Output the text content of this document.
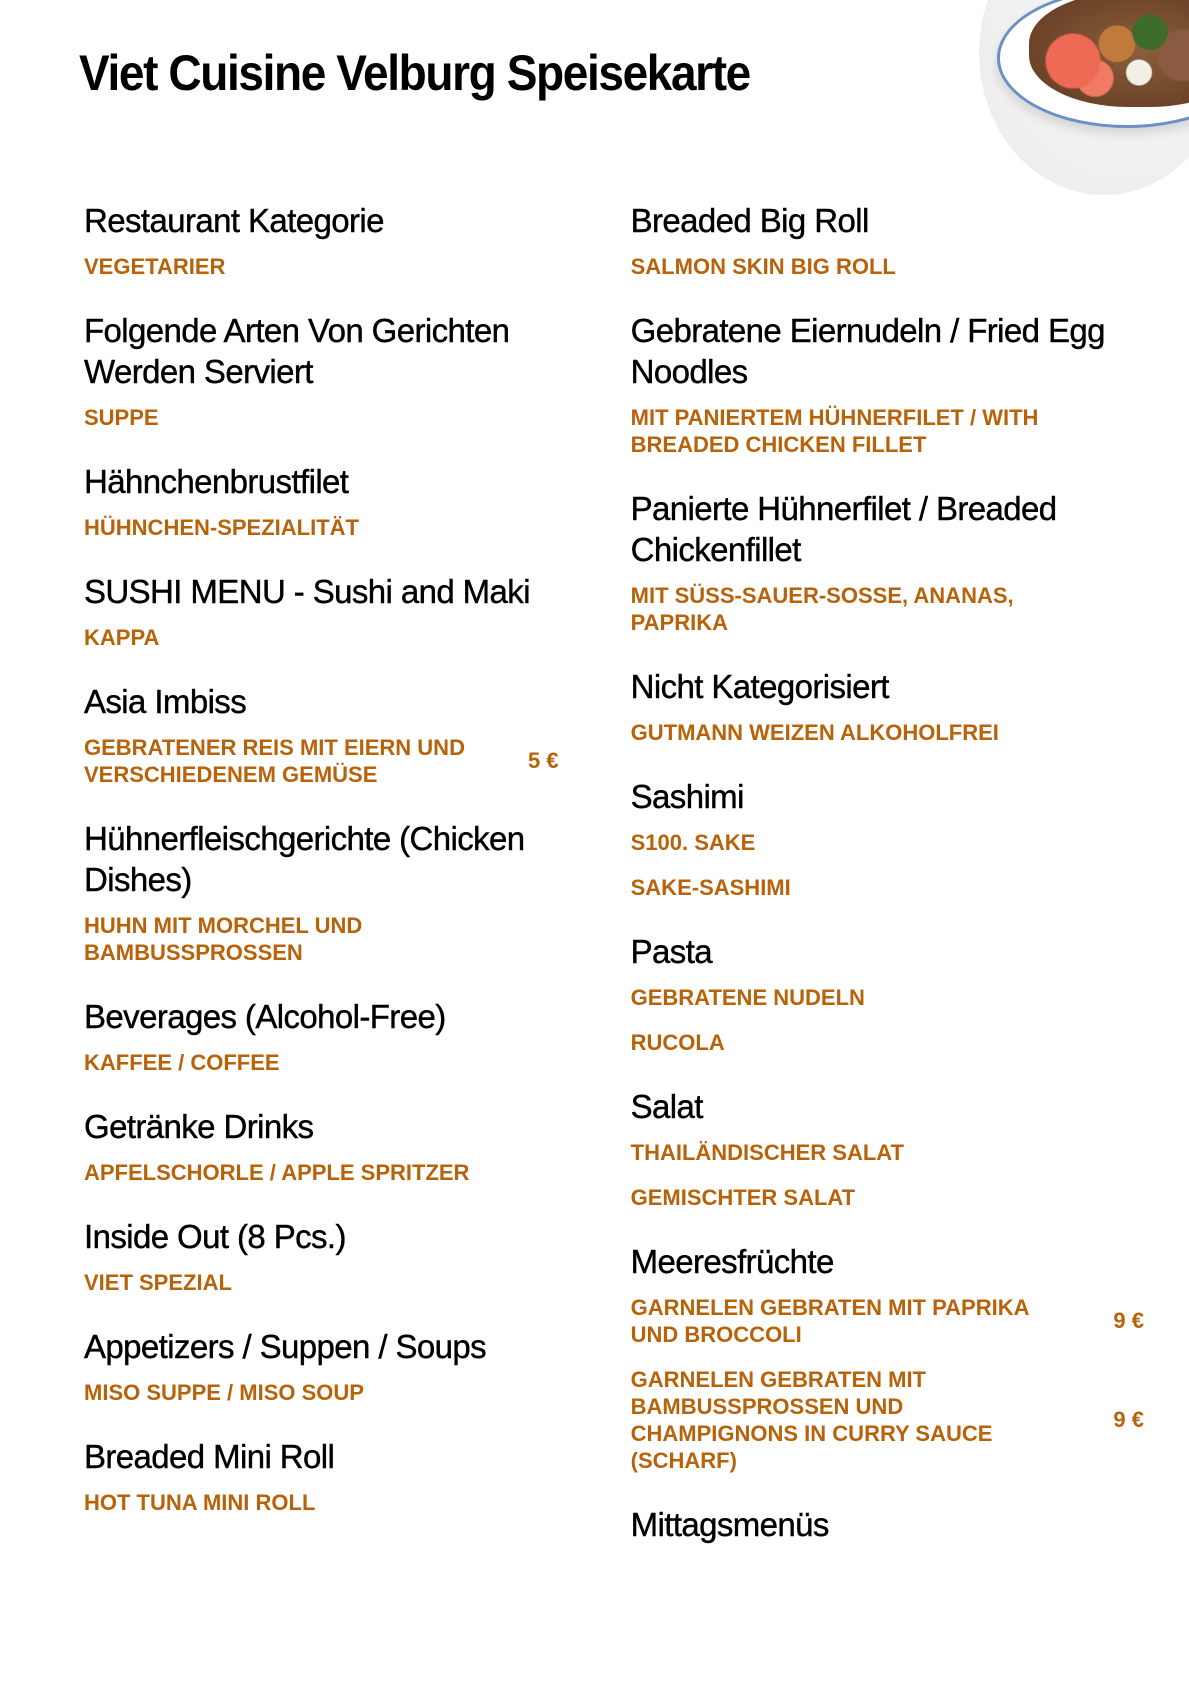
Viet Cuisine Velburg Speisekarte
Restaurant Kategorie
VEGETARIER
Folgende Arten Von Gerichten Werden Serviert
SUPPE
Hähnchenbrustfilet
HÜHNCHEN-SPEZIALITÄT
SUSHI MENU - Sushi and Maki
KAPPA
Asia Imbiss
GEBRATENER REIS MIT EIERN UND VERSCHIEDENEM GEMÜSE
5 €
Hühnerfleischgerichte (Chicken Dishes)
HUHN MIT MORCHEL UND BAMBUSSPROSSEN
Beverages (Alcohol-Free)
KAFFEE / COFFEE
Getränke Drinks
APFELSCHORLE / APPLE SPRITZER
Inside Out (8 Pcs.)
VIET SPEZIAL
Appetizers / Suppen / Soups
MISO SUPPE / MISO SOUP
Breaded Mini Roll
HOT TUNA MINI ROLL
Breaded Big Roll
SALMON SKIN BIG ROLL
Gebratene Eiernudeln / Fried Egg Noodles
MIT PANIERTEM HÜHNERFILET / WITH BREADED CHICKEN FILLET
Panierte Hühnerfilet / Breaded Chickenfillet
MIT SÜSS-SAUER-SOSSE, ANANAS, PAPRIKA
Nicht Kategorisiert
GUTMANN WEIZEN ALKOHOLFREI
Sashimi
S100. SAKE
SAKE-SASHIMI
Pasta
GEBRATENE NUDELN
RUCOLA
Salat
THAILÄNDISCHER SALAT
GEMISCHTER SALAT
Meeresfrüchte
GARNELEN GEBRATEN MIT PAPRIKA UND BROCCOLI
9 €
GARNELEN GEBRATEN MIT BAMBUSSPROSSEN UND CHAMPIGNONS IN CURRY SAUCE (SCHARF)
9 €
Mittagsmenüs
